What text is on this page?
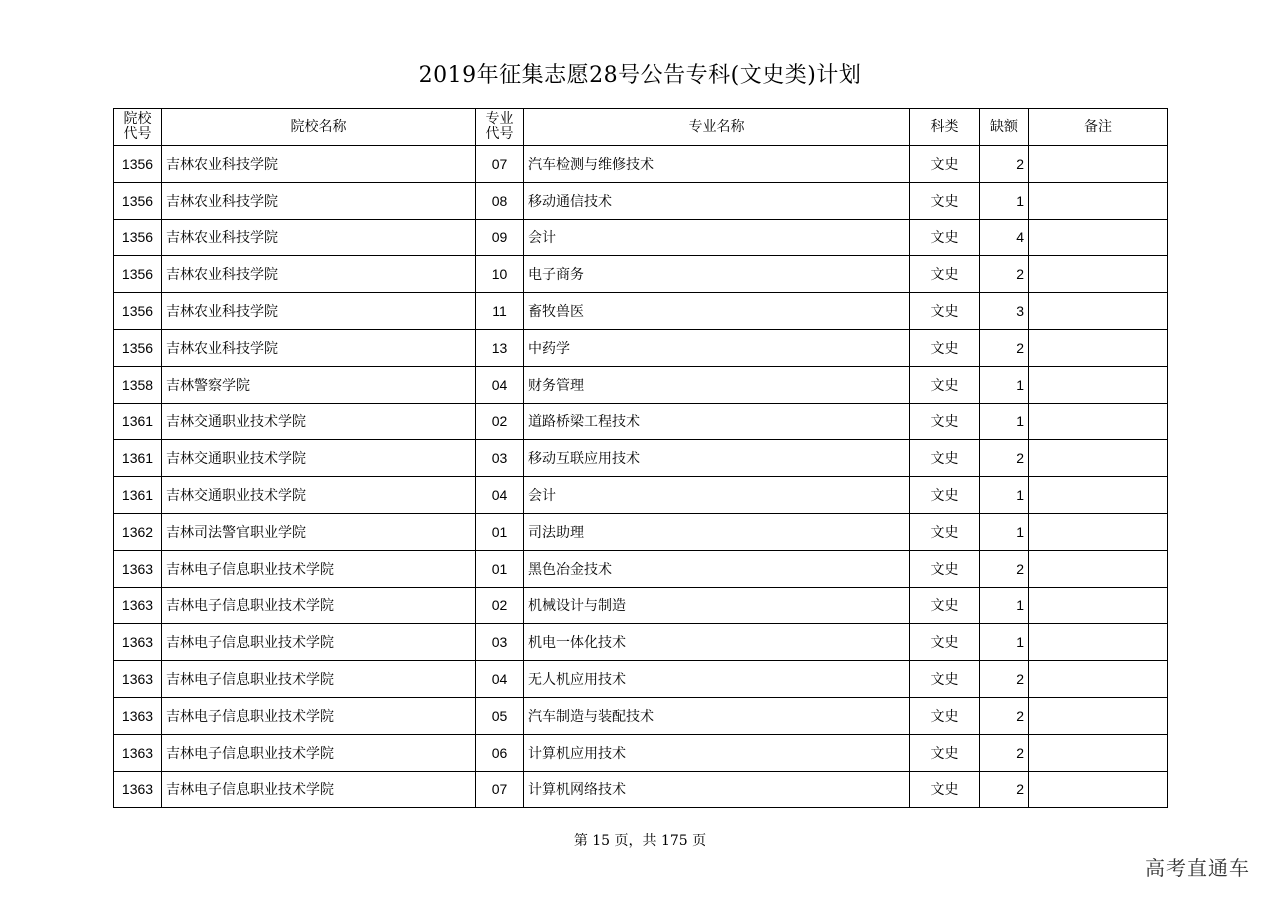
2019年征集志愿28号公告专科(文史类)计划
院校代号	院校名称	专业代号	专业名称	科类	缺额	备注
1356	吉林农业科技学院	07	汽车检测与维修技术	文史	2	
1356	吉林农业科技学院	08	移动通信技术	文史	1	
1356	吉林农业科技学院	09	会计	文史	4	
1356	吉林农业科技学院	10	电子商务	文史	2	
1356	吉林农业科技学院	11	畜牧兽医	文史	3	
1356	吉林农业科技学院	13	中药学	文史	2	
1358	吉林警察学院	04	财务管理	文史	1	
1361	吉林交通职业技术学院	02	道路桥梁工程技术	文史	1	
1361	吉林交通职业技术学院	03	移动互联应用技术	文史	2	
1361	吉林交通职业技术学院	04	会计	文史	1	
1362	吉林司法警官职业学院	01	司法助理	文史	1	
1363	吉林电子信息职业技术学院	01	黑色冶金技术	文史	2	
1363	吉林电子信息职业技术学院	02	机械设计与制造	文史	1	
1363	吉林电子信息职业技术学院	03	机电一体化技术	文史	1	
1363	吉林电子信息职业技术学院	04	无人机应用技术	文史	2	
1363	吉林电子信息职业技术学院	05	汽车制造与装配技术	文史	2	
1363	吉林电子信息职业技术学院	06	计算机应用技术	文史	2	
1363	吉林电子信息职业技术学院	07	计算机网络技术	文史	2	
第 15 页，共 175 页
高考直通车
